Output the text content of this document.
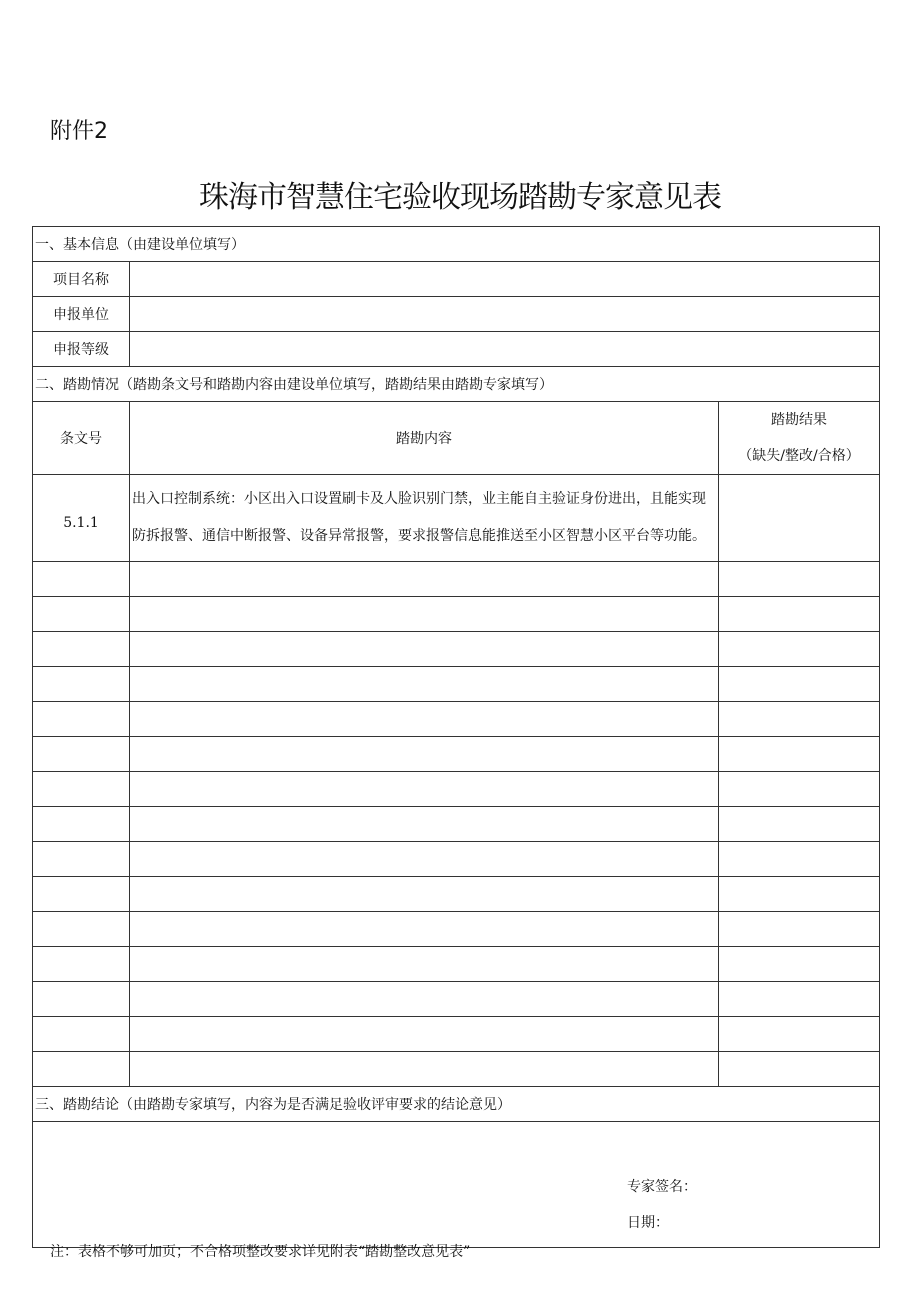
附件2
珠海市智慧住宅验收现场踏勘专家意见表
一、基本信息（由建设单位填写）		
项目名称		
申报单位		
申报等级		
二、踏勘情况（踏勘条文号和踏勘内容由建设单位填写，踏勘结果由踏勘专家填写）		
条文号	踏勘内容	踏勘结果
（缺失/整改/合格）

5.1.1	出入口控制系统：小区出入口设置刷卡及人脸识别门禁，业主能自主验证身份进出，且能实现防拆报警、通信中断报警、设备异常报警，要求报警信息能推送至小区智慧小区平台等功能。	

三、踏勘结论（由踏勘专家填写，内容为是否满足验收评审要求的结论意见）		

专家签名：
日期：		
注：表格不够可加页；不合格项整改要求详见附表“踏勘整改意见表”
